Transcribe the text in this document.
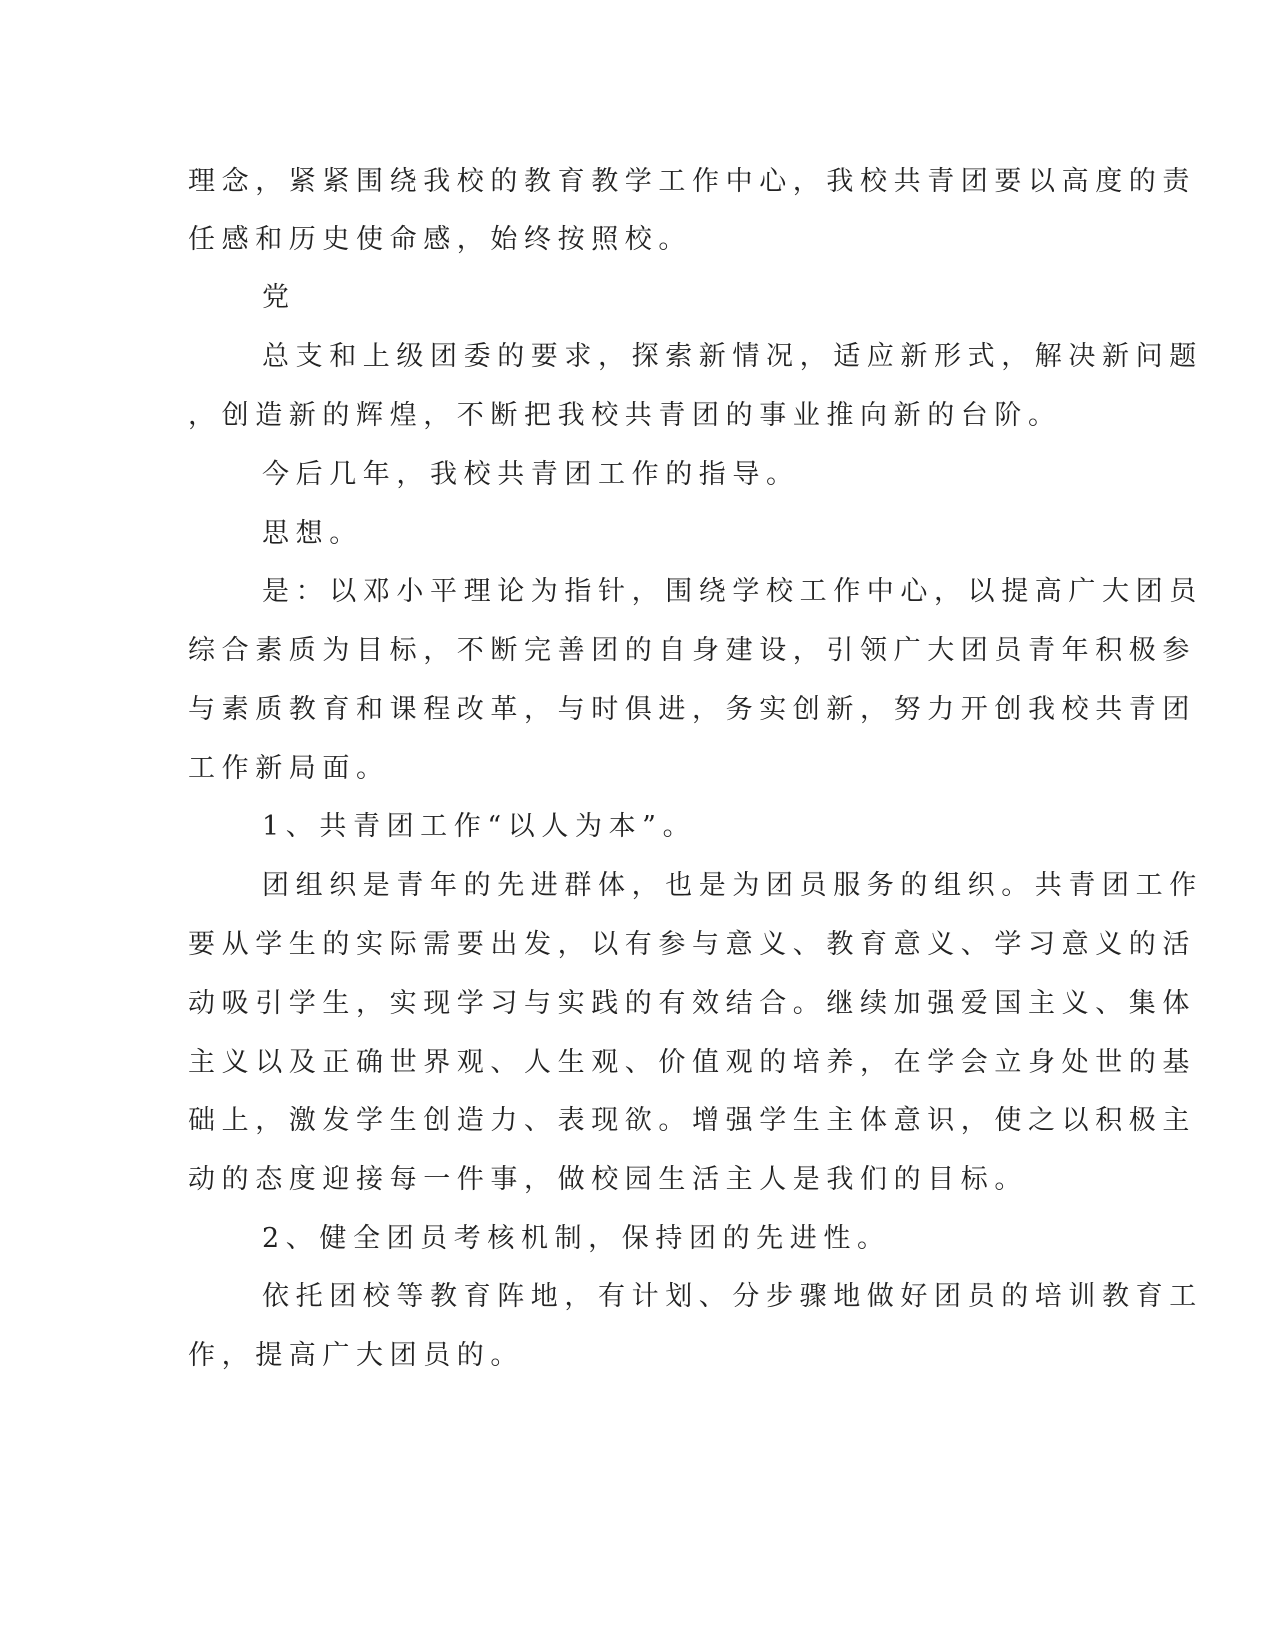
理念，紧紧围绕我校的教育教学工作中心，我校共青团要以高度的责
任感和历史使命感，始终按照校。
党
总支和上级团委的要求，探索新情况，适应新形式，解决新问题
，创造新的辉煌，不断把我校共青团的事业推向新的台阶。
今后几年，我校共青团工作的指导。
思想。
是：以邓小平理论为指针，围绕学校工作中心，以提高广大团员
综合素质为目标，不断完善团的自身建设，引领广大团员青年积极参
与素质教育和课程改革，与时俱进，务实创新，努力开创我校共青团
工作新局面。
1、共青团工作“以人为本”。
团组织是青年的先进群体，也是为团员服务的组织。共青团工作
要从学生的实际需要出发，以有参与意义、教育意义、学习意义的活
动吸引学生，实现学习与实践的有效结合。继续加强爱国主义、集体
主义以及正确世界观、人生观、价值观的培养，在学会立身处世的基
础上，激发学生创造力、表现欲。增强学生主体意识，使之以积极主
动的态度迎接每一件事，做校园生活主人是我们的目标。
2、健全团员考核机制，保持团的先进性。
依托团校等教育阵地，有计划、分步骤地做好团员的培训教育工
作，提高广大团员的。
